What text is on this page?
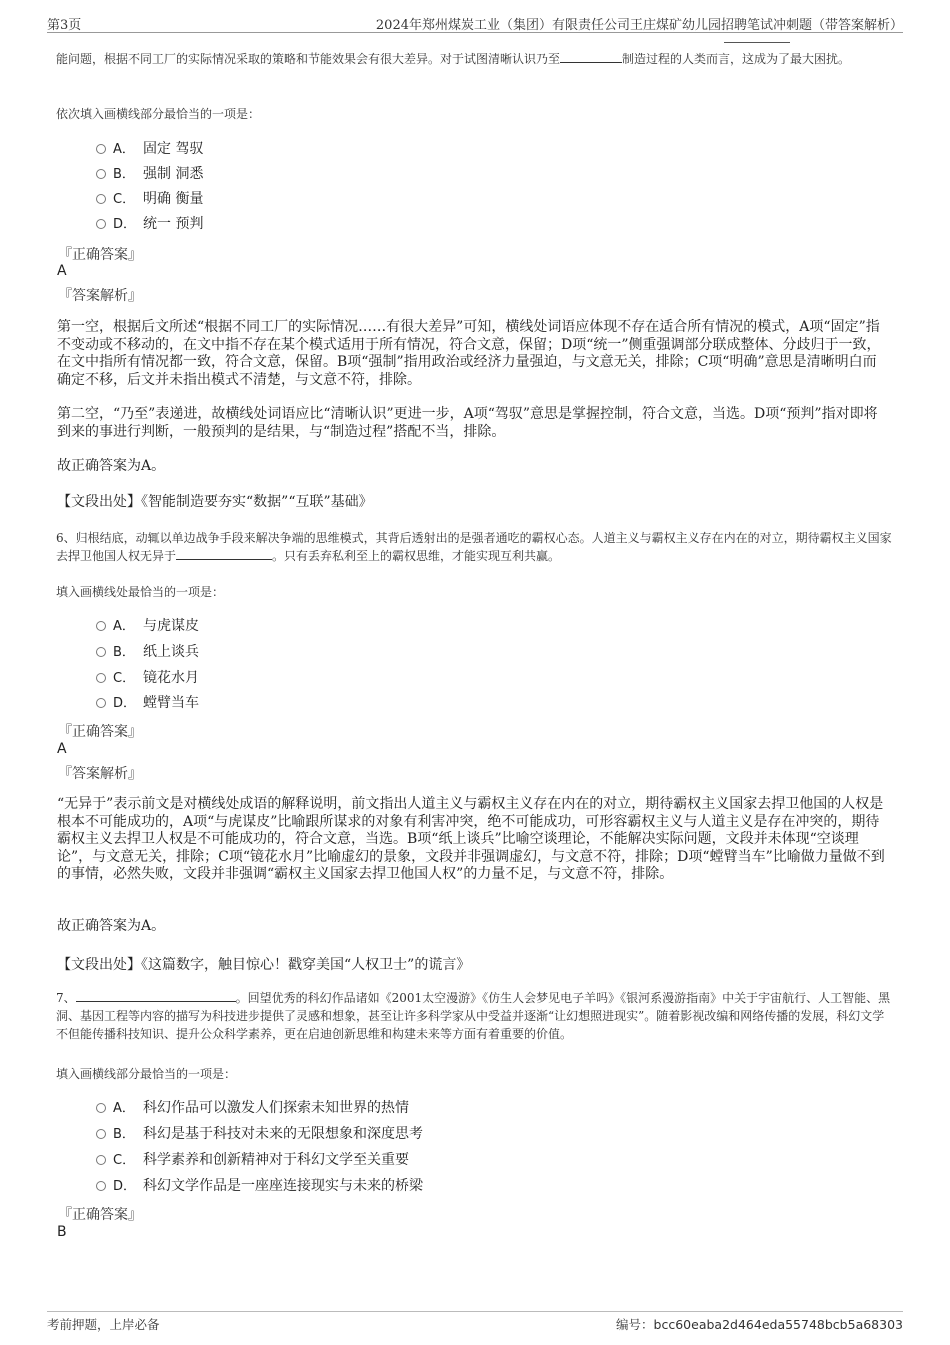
第3页	2024年郑州煤炭工业（集团）有限责任公司王庄煤矿幼儿园招聘笔试冲刺题（带答案解析）
能问题，根据不同工厂的实际情况采取的策略和节能效果会有很大差异。对于试图清晰认识乃至	制造过程的人类而言，这成为了最大困扰。
依次填入画横线部分最恰当的一项是：
A． 固定 驾驭
B． 强制 洞悉
C． 明确 衡量
D． 统一 预判
『正确答案』
A
『答案解析』
第一空，根据后文所述“根据不同工厂的实际情况……有很大差异”可知，横线处词语应体现不存在适合所有情况的模式，A项“固定”指不变动或不移动的，在文中指不存在某个模式适用于所有情况，符合文意，保留；D项“统一”侧重强调部分联成整体、分歧归于一致，在文中指所有情况都一致，符合文意，保留。B项“强制”指用政治或经济力量强迫，与文意无关，排除；C项“明确”意思是清晰明白而确定不移，后文并未指出模式不清楚，与文意不符，排除。
第二空，“乃至”表递进，故横线处词语应比“清晰认识”更进一步，A项“驾驭”意思是掌握控制，符合文意，当选。D项“预判”指对即将到来的事进行判断，一般预判的是结果，与“制造过程”搭配不当，排除。
故正确答案为A。
【文段出处】《智能制造要夯实“数据”“互联”基础》
6、归根结底，动辄以单边战争手段来解决争端的思维模式，其背后透射出的是强者通吃的霸权心态。人道主义与霸权主义存在内在的对立，期待霸权主义国家去捍卫他国人权无异于	。只有丢弃私利至上的霸权思维，才能实现互利共赢。
填入画横线处最恰当的一项是：
A． 与虎谋皮
B． 纸上谈兵
C． 镜花水月
D． 螳臂当车
『正确答案』
A
『答案解析』
“无异于”表示前文是对横线处成语的解释说明，前文指出人道主义与霸权主义存在内在的对立，期待霸权主义国家去捍卫他国的人权是根本不可能成功的，A项“与虎谋皮”比喻跟所谋求的对象有利害冲突，绝不可能成功，可形容霸权主义与人道主义是存在冲突的，期待霸权主义去捍卫人权是不可能成功的，符合文意，当选。B项“纸上谈兵”比喻空谈理论，不能解决实际问题，文段并未体现“空谈理论”，与文意无关，排除；C项“镜花水月”比喻虚幻的景象，文段并非强调虚幻，与文意不符，排除；D项“螳臂当车”比喻做力量做不到的事情，必然失败，文段并非强调“霸权主义国家去捍卫他国人权”的力量不足，与文意不符，排除。
故正确答案为A。
【文段出处】《这篇数字，触目惊心！戳穿美国“人权卫士”的谎言》
7、	。回望优秀的科幻作品诸如《2001太空漫游》《仿生人会梦见电子羊吗》《银河系漫游指南》中关于宇宙航行、人工智能、黑洞、基因工程等内容的描写为科技进步提供了灵感和想象，甚至让许多科学家从中受益并逐渐“让幻想照进现实”。随着影视改编和网络传播的发展，科幻文学不但能传播科技知识、提升公众科学素养，更在启迪创新思维和构建未来等方面有着重要的价值。
填入画横线部分最恰当的一项是：
A． 科幻作品可以激发人们探索未知世界的热情
B． 科幻是基于科技对未来的无限想象和深度思考
C． 科学素养和创新精神对于科幻文学至关重要
D． 科幻文学作品是一座座连接现实与未来的桥梁
『正确答案』
B
考前押题，上岸必备	编号：bcc60eaba2d464eda55748bcb5a68303
